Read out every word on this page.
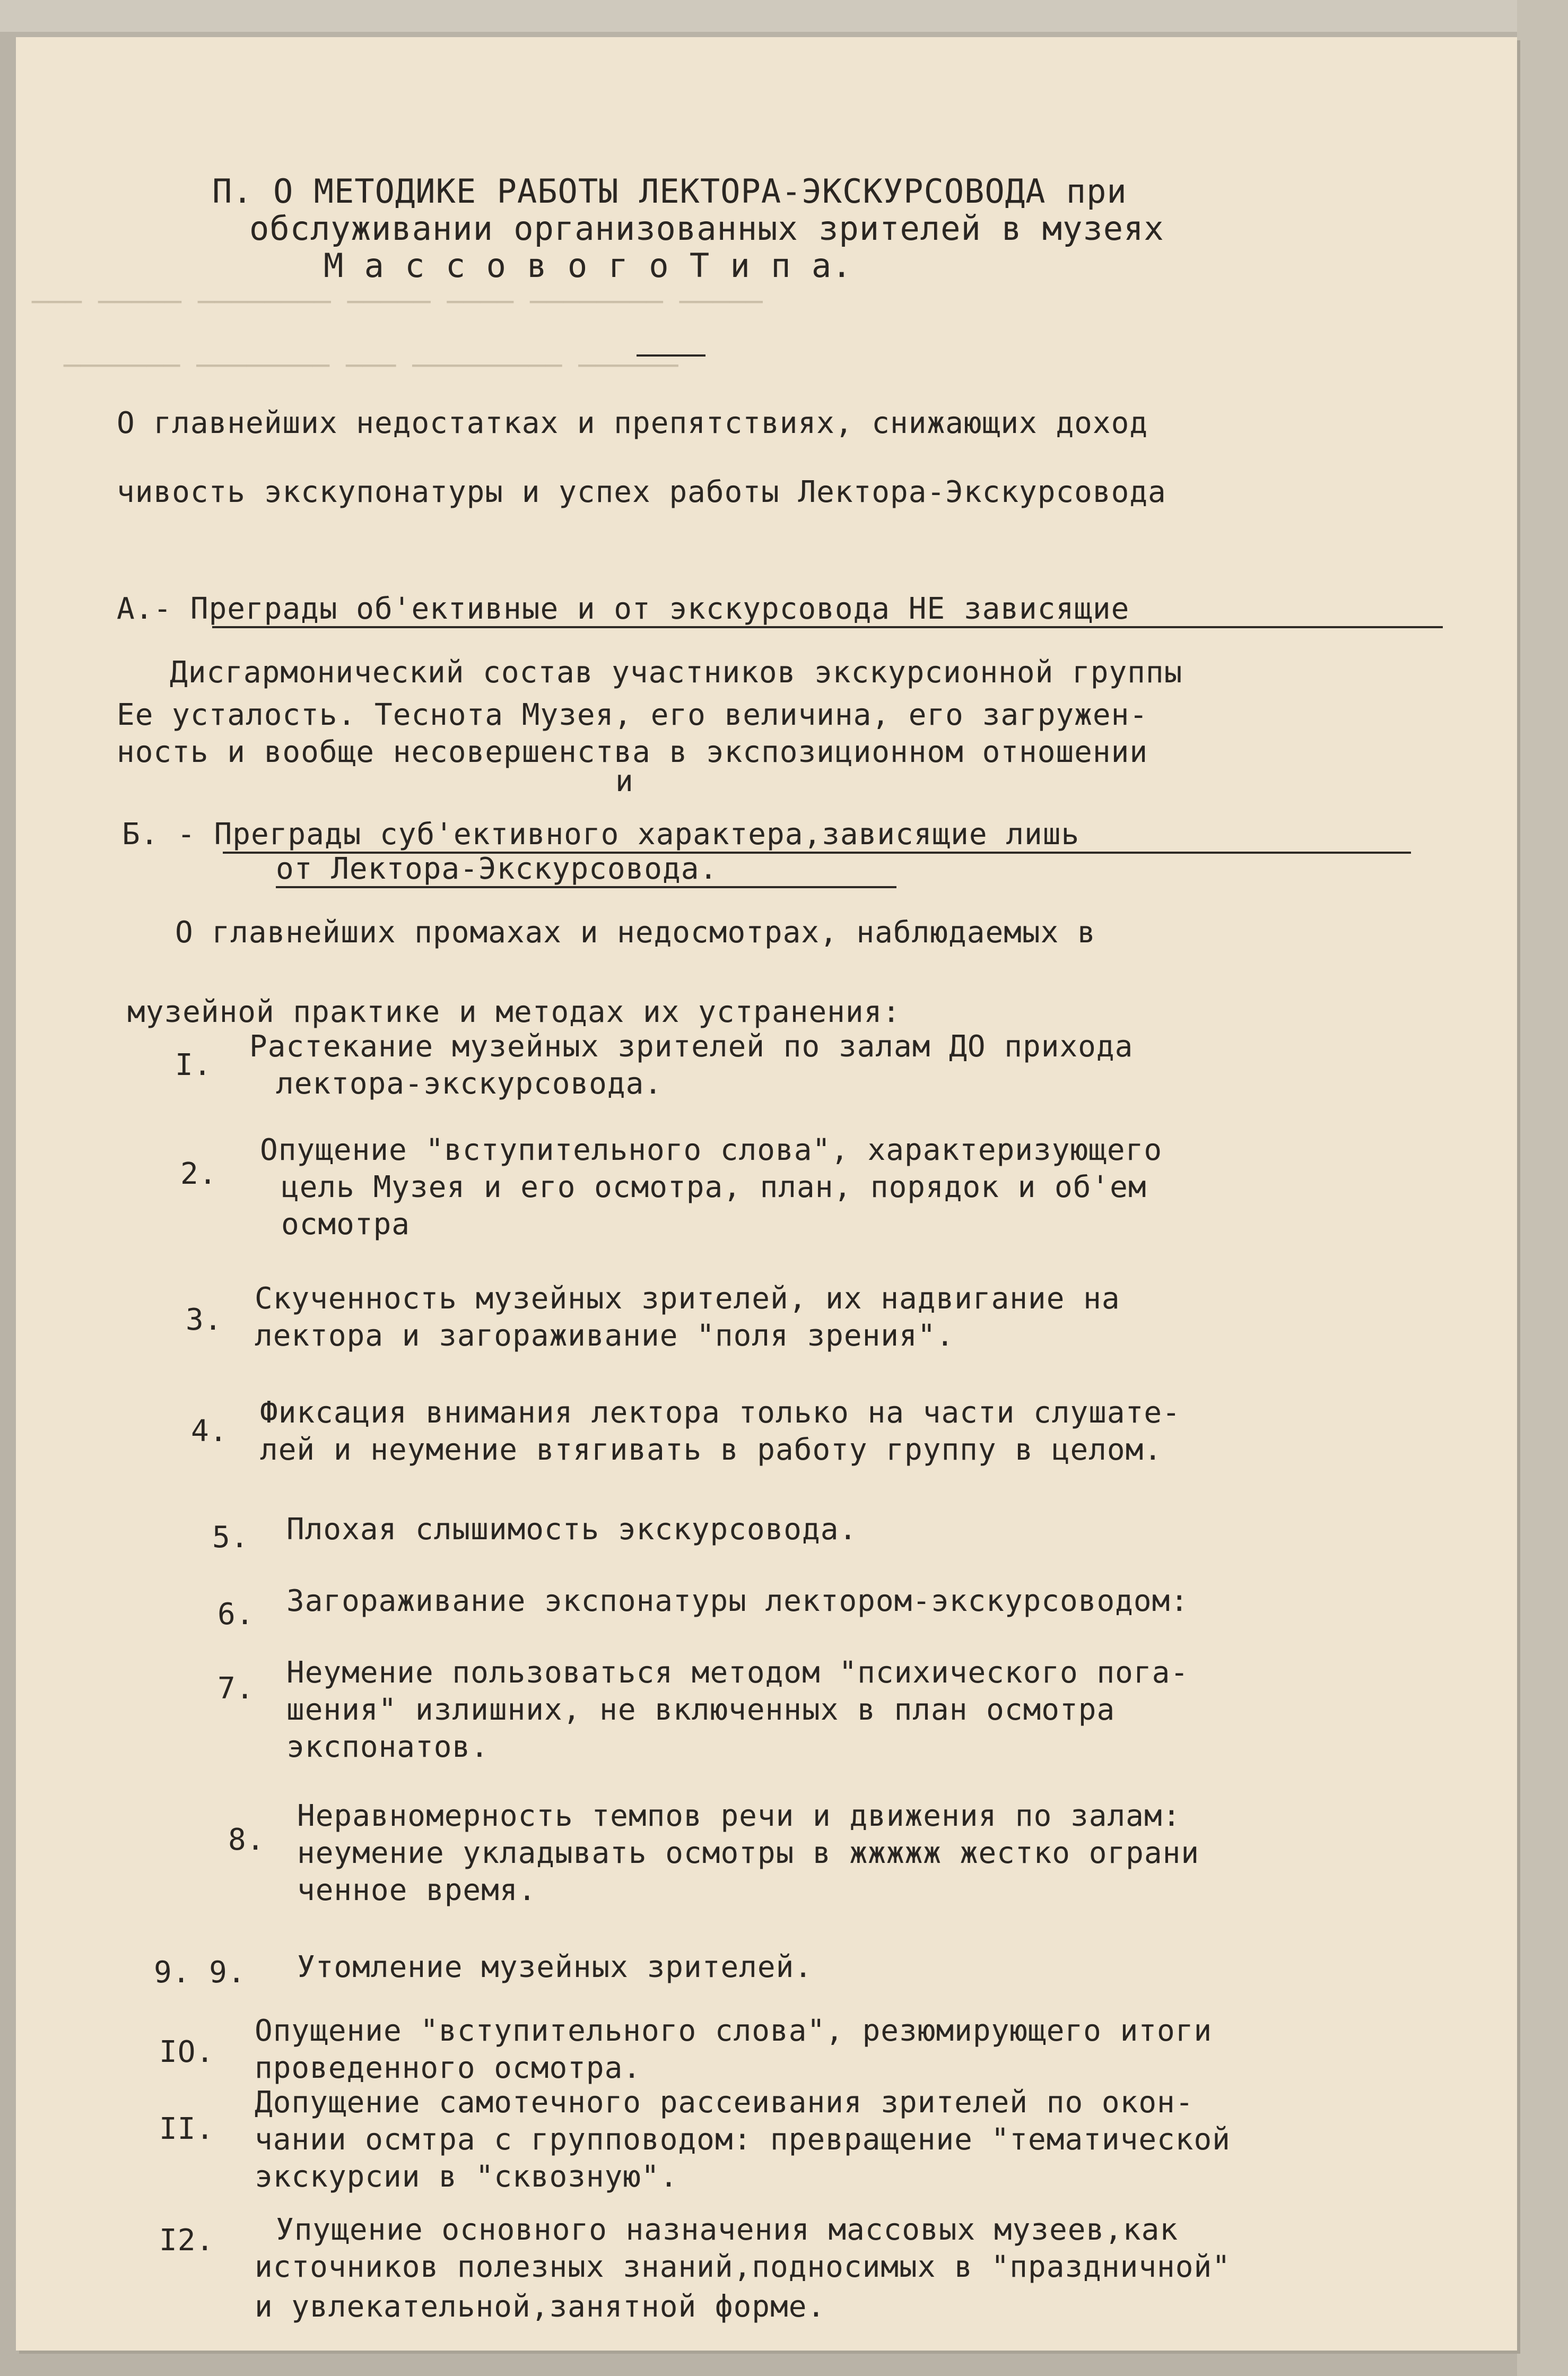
───── ──────── ──── ───── ──────── ───── ───
────── ───────── ─── ──────── ───────
П. О МЕТОДИКЕ РАБОТЫ ЛЕКТОРА-ЭКСКУРСОВОДА при
обслуживании организованных зрителей в музеях
М а с с о в о г о Т и п а.
О главнейших недостатках и препятствиях, снижающих доход
чивость экскупонатуры и успех работы Лектора-Экскурсовода
А.- Преграды об'ективные и от экскурсовода НЕ зависящие
Дисгармонический состав участников экскурсионной группы
Ее усталость. Теснота Музея, его величина, его загружен-
ность и вообще несовершенства в экспозиционном отношении
и
Б. - Преграды суб'ективного характера,зависящие лишь
от Лектора-Экскурсовода.
О главнейших промахах и недосмотрах, наблюдаемых в
музейной практике и методах их устранения:
I.
Растекание музейных зрителей по залам ДО прихода
лектора-экскурсовода.
2.
Опущение "вступительного слова", характеризующего
цель Музея и его осмотра, план, порядок и об'ем
осмотра
3.
Скученность музейных зрителей, их надвигание на
лектора и загораживание "поля зрения".
4.
Фиксация внимания лектора только на части слушате-
лей и неумение втягивать в работу группу в целом.
5. Плохая слышимость экскурсовода.
6. Загораживание экспонатуры лектором-экскурсоводом:
7. Неумение пользоваться методом "психического пога-
шения" излишних, не включенных в план осмотра
экспонатов.
8.
Неравномерность темпов речи и движения по залам:
неумение укладывать осмотры в жжжжж жестко ограни
ченное время.
9. 9. Утомление музейных зрителей.
IO.
Опущение "вступительного слова", резюмирующего итоги
проведенного осмотра.
II.
Допущение самотечного рассеивания зрителей по окон-
чании осмтра с групповодом: превращение "тематической
экскурсии в "сквозную".
I2. Упущение основного назначения массовых музеев,как
источников полезных знаний,подносимых в "праздничной"
и увлекательной,занятной форме.
